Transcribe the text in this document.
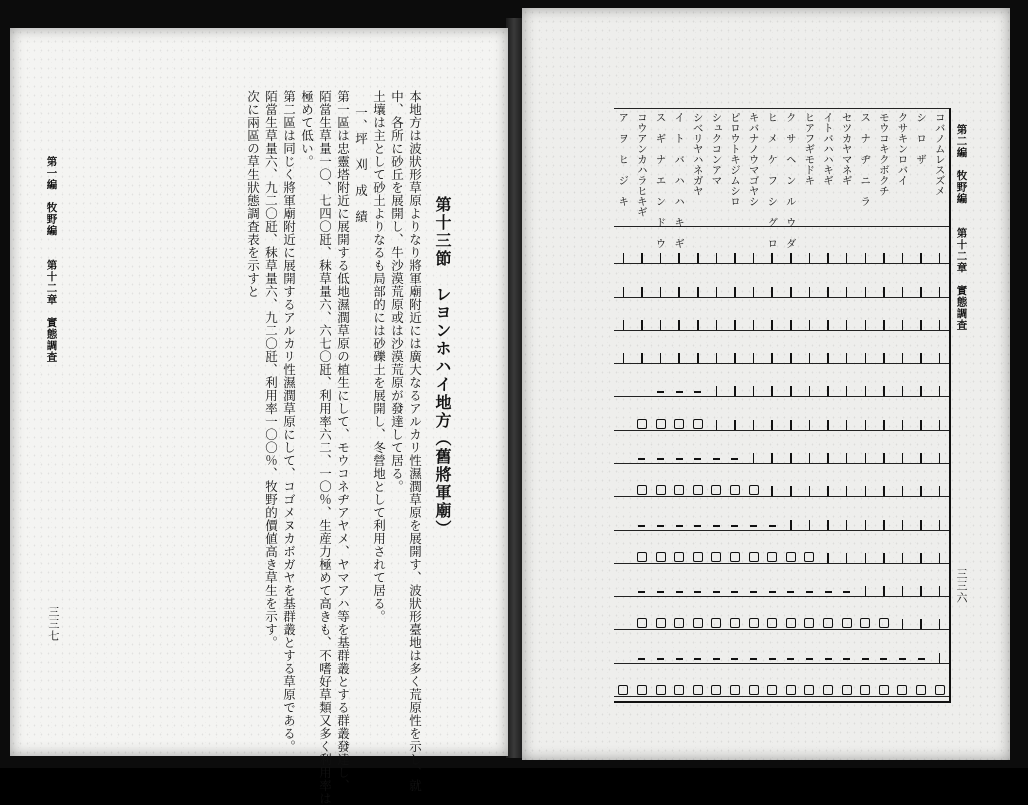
第十三節　レヨンホハイ地方（舊將軍廟）
本地方は波狀形草原よりなり將軍廟附近には廣大なるアルカリ性濕潤草原を展開す、波狀形臺地は多く荒原性を示し、就
中、各所に砂丘を展開し、牛沙漠荒原或は沙漠荒原が發達して居る。
土壤は主として砂土よりなるも局部的には砂礫土を展開し、冬營地として利用されて居る。
一、坪　刈　成　績
第一區は忠靈塔附近に展開する低地濕潤草原の植生にして、モウコネヂアヤメ、ヤマアハ等を基群叢とする群叢發達し、
陌當生草量一〇、七四〇瓩、秣草量六、六七〇瓩、利用率六二、一〇％、生産力極めて高きも、不嗜好草類又多く利用率は
極めて低い。
第二區は同じく將軍廟附近に展開するアルカリ性濕潤草原にして、コゴメヌカボガヤを基群叢とする草原である。
陌當生草量六、九二〇瓩、秣草量六、九二〇瓩、利用率一〇〇％、牧野的價値高き草生を示す。
次に兩區の草生狀態調査表を示すと
第一編　牧野編　　第十二章　實態調査
三三七
第二編　牧野編　　第十二章　實態調査
三三六
コバノムレスズメ
シ　ロ　ザ
クサキンロバイ
モウコキクボクチ
ス　ナ　ヂ　ニ　ラ
セツカヤマネギ
イトバハハキギ
ヒアフギモドキ
ク　サ　ヘ　ン　ル　ウ　ダ
ヒ　メ　ケ　フ　シ　グ　ロ
キバナノウマゴヤシ
ピロウトキジムシロ
シュクコンアマ
シベリヤハネガヤ
イ　ト　バ　ハ　ハ　キ　ギ
ス　ギ　ナ　エ　ン　ド　ウ
コウアンカハラヒキギ
ア　ヲ　ヒ　ジ　キ
